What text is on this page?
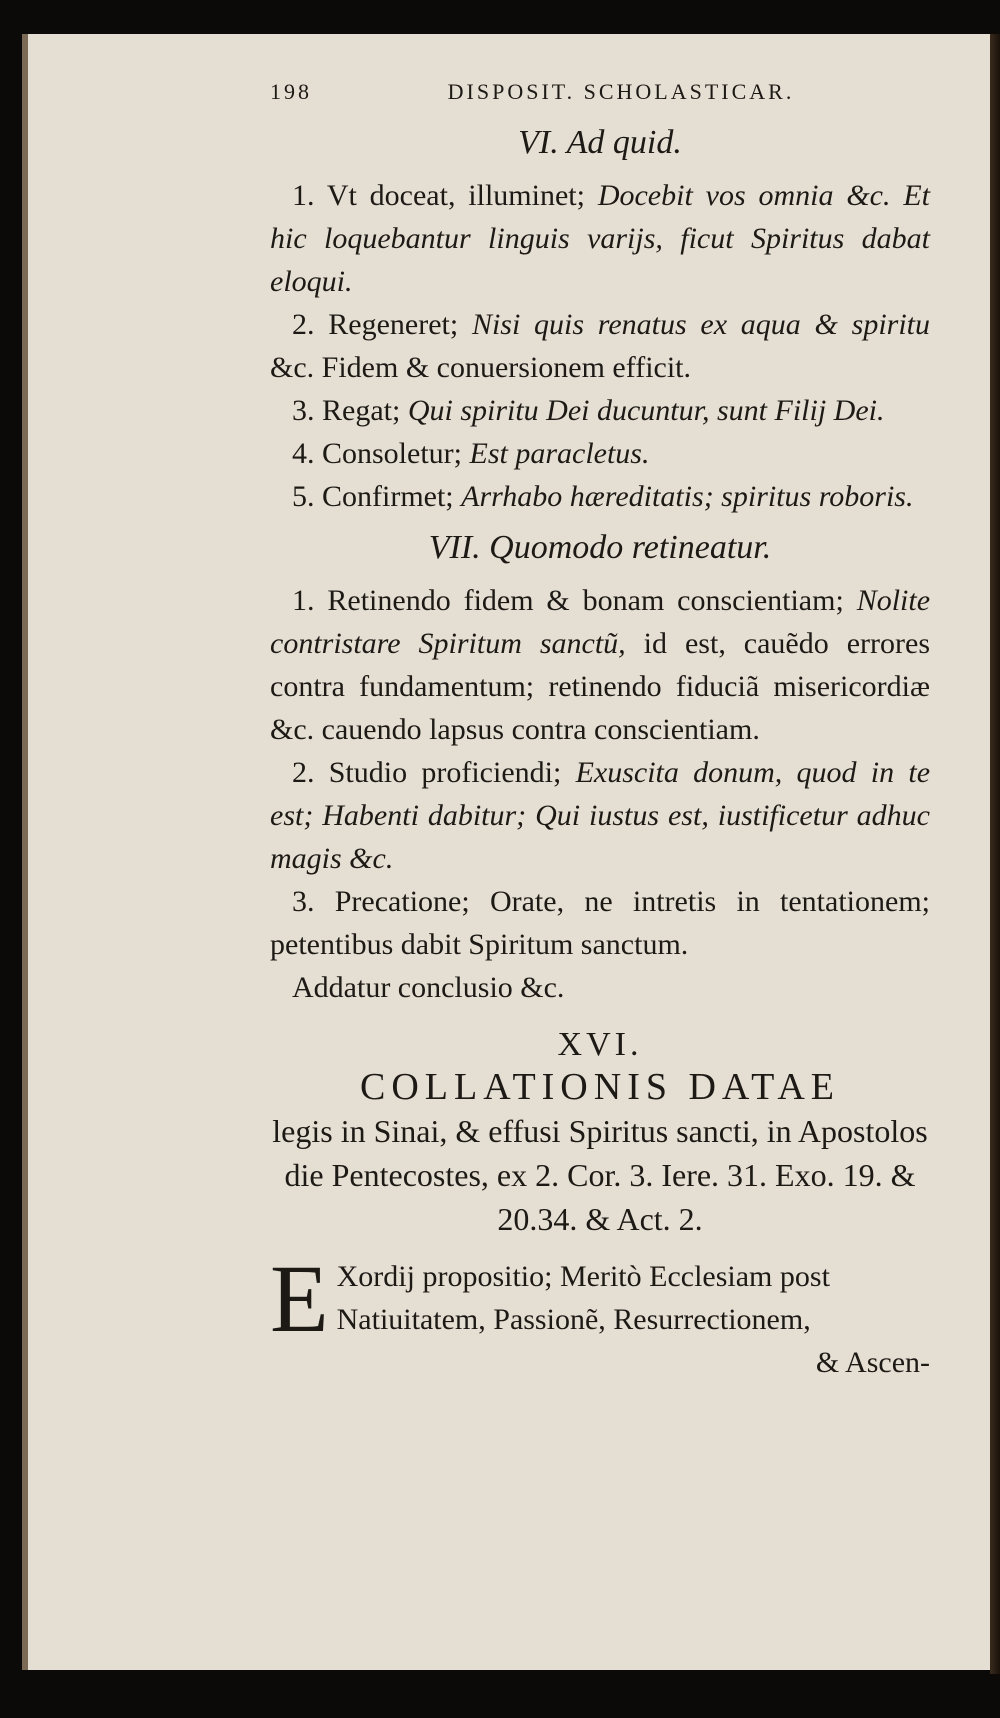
198	DISPOSIT. SCHOLASTICAR.
VI. Ad quid.

1. Vt doceat, illuminet; Docebit vos omnia &c. Et hic loquebantur linguis varijs, ficut Spiritus dabat eloqui.

2. Regeneret; Nisi quis renatus ex aqua & spiritu &c. Fidem & conuersionem efficit.

3. Regat; Qui spiritu Dei ducuntur, sunt Filij Dei.

4. Consoletur; Est paracletus.

5. Confirmet; Arrhabo hæreditatis; spiritus roboris.

VII. Quomodo retineatur.

1. Retinendo fidem & bonam conscientiam; Nolite contristare Spiritum sanctũ, id est, cauẽdo errores contra fundamentum; retinendo fiduciã misericordiæ &c. cauendo lapsus contra conscientiam.

2. Studio proficiendi; Exuscita donum, quod in te est; Habenti dabitur; Qui iustus est, iustificetur adhuc magis &c.

3. Precatione; Orate, ne intretis in tentationem; petentibus dabit Spiritum sanctum.

Addatur conclusio &c.

XVI.
COLLATIONIS DATAE
legis in Sinai, & effusi Spiritus sancti, in Apostolos die Pentecostes, ex 2. Cor. 3. Iere. 31. Exo. 19. & 20.34. & Act. 2.
E Xordij propositio; Meritò Ecclesiam post Natiuitatem, Passionẽ, Resurrectionem,
& Ascen-
